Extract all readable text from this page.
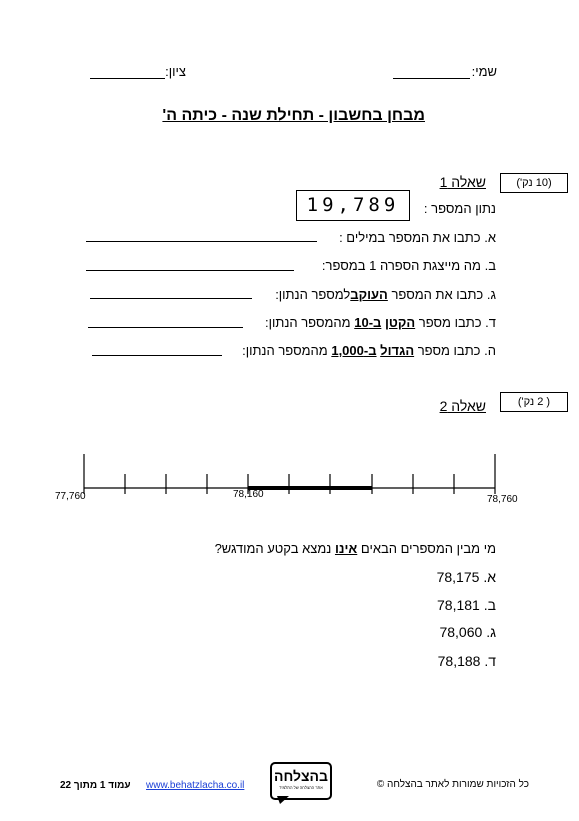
שמי:
ציון:
מבחן בחשבון - תחילת שנה - כיתה ה'
(10 נק')
שאלה 1
נתון המספר :
19,789
א. כתבו את המספר במילים :
ב. מה מייצגת הספרה 1 במספר:
ג. כתבו את המספר העוקבלמספר הנתון:
ד. כתבו מספר הקטן ב-10 מהמספר הנתון:
ה. כתבו מספר הגדול ב-1,000 מהמספר הנתון:
( 2 נק')
שאלה 2
77,760	78,160	78,760
מי מבין המספרים הבאים אינו נמצא בקטע המודגש?
א. 78,175
ב. 78,181
ג. 78,060
ד. 78,188
כל הזכויות שמורות לאתר בהצלחה ©
בהצלחה
אתר ההצלחה של התלמיד
www.behatzlacha.co.il
עמוד 1 מתוך 22
